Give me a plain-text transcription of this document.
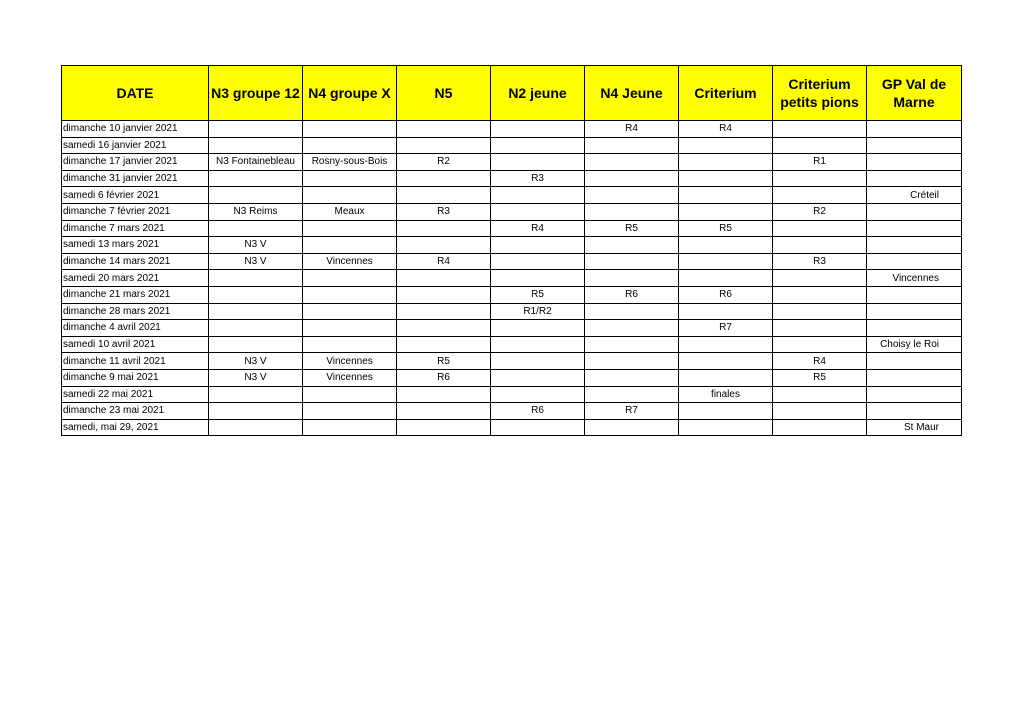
DATE	N3 groupe 12	N4 groupe X	N5	N2 jeune	N4 Jeune	Criterium	Criterium petits pions	GP Val de Marne
dimanche 10 janvier 2021					R4	R4		
samedi 16 janvier 2021								
dimanche 17 janvier 2021	N3 Fontainebleau	Rosny-sous-Bois	R2				R1	
dimanche 31 janvier 2021				R3				
samedi 6 février 2021								Créteil
dimanche 7 février 2021	N3 Reims	Meaux	R3				R2	
dimanche 7 mars 2021				R4	R5	R5		
samedi 13 mars 2021	N3 V							
dimanche 14 mars 2021	N3 V	Vincennes	R4				R3	
samedi 20 mars 2021								Vincennes
dimanche 21 mars 2021				R5	R6	R6		
dimanche 28 mars 2021				R1/R2				
dimanche 4 avril 2021						R7		
samedi 10 avril 2021								Choisy le Roi
dimanche 11 avril 2021	N3 V	Vincennes	R5				R4	
dimanche 9 mai 2021	N3 V	Vincennes	R6				R5	
samedi 22 mai 2021						finales		
dimanche 23 mai 2021				R6	R7			
samedi, mai 29, 2021								St Maur
